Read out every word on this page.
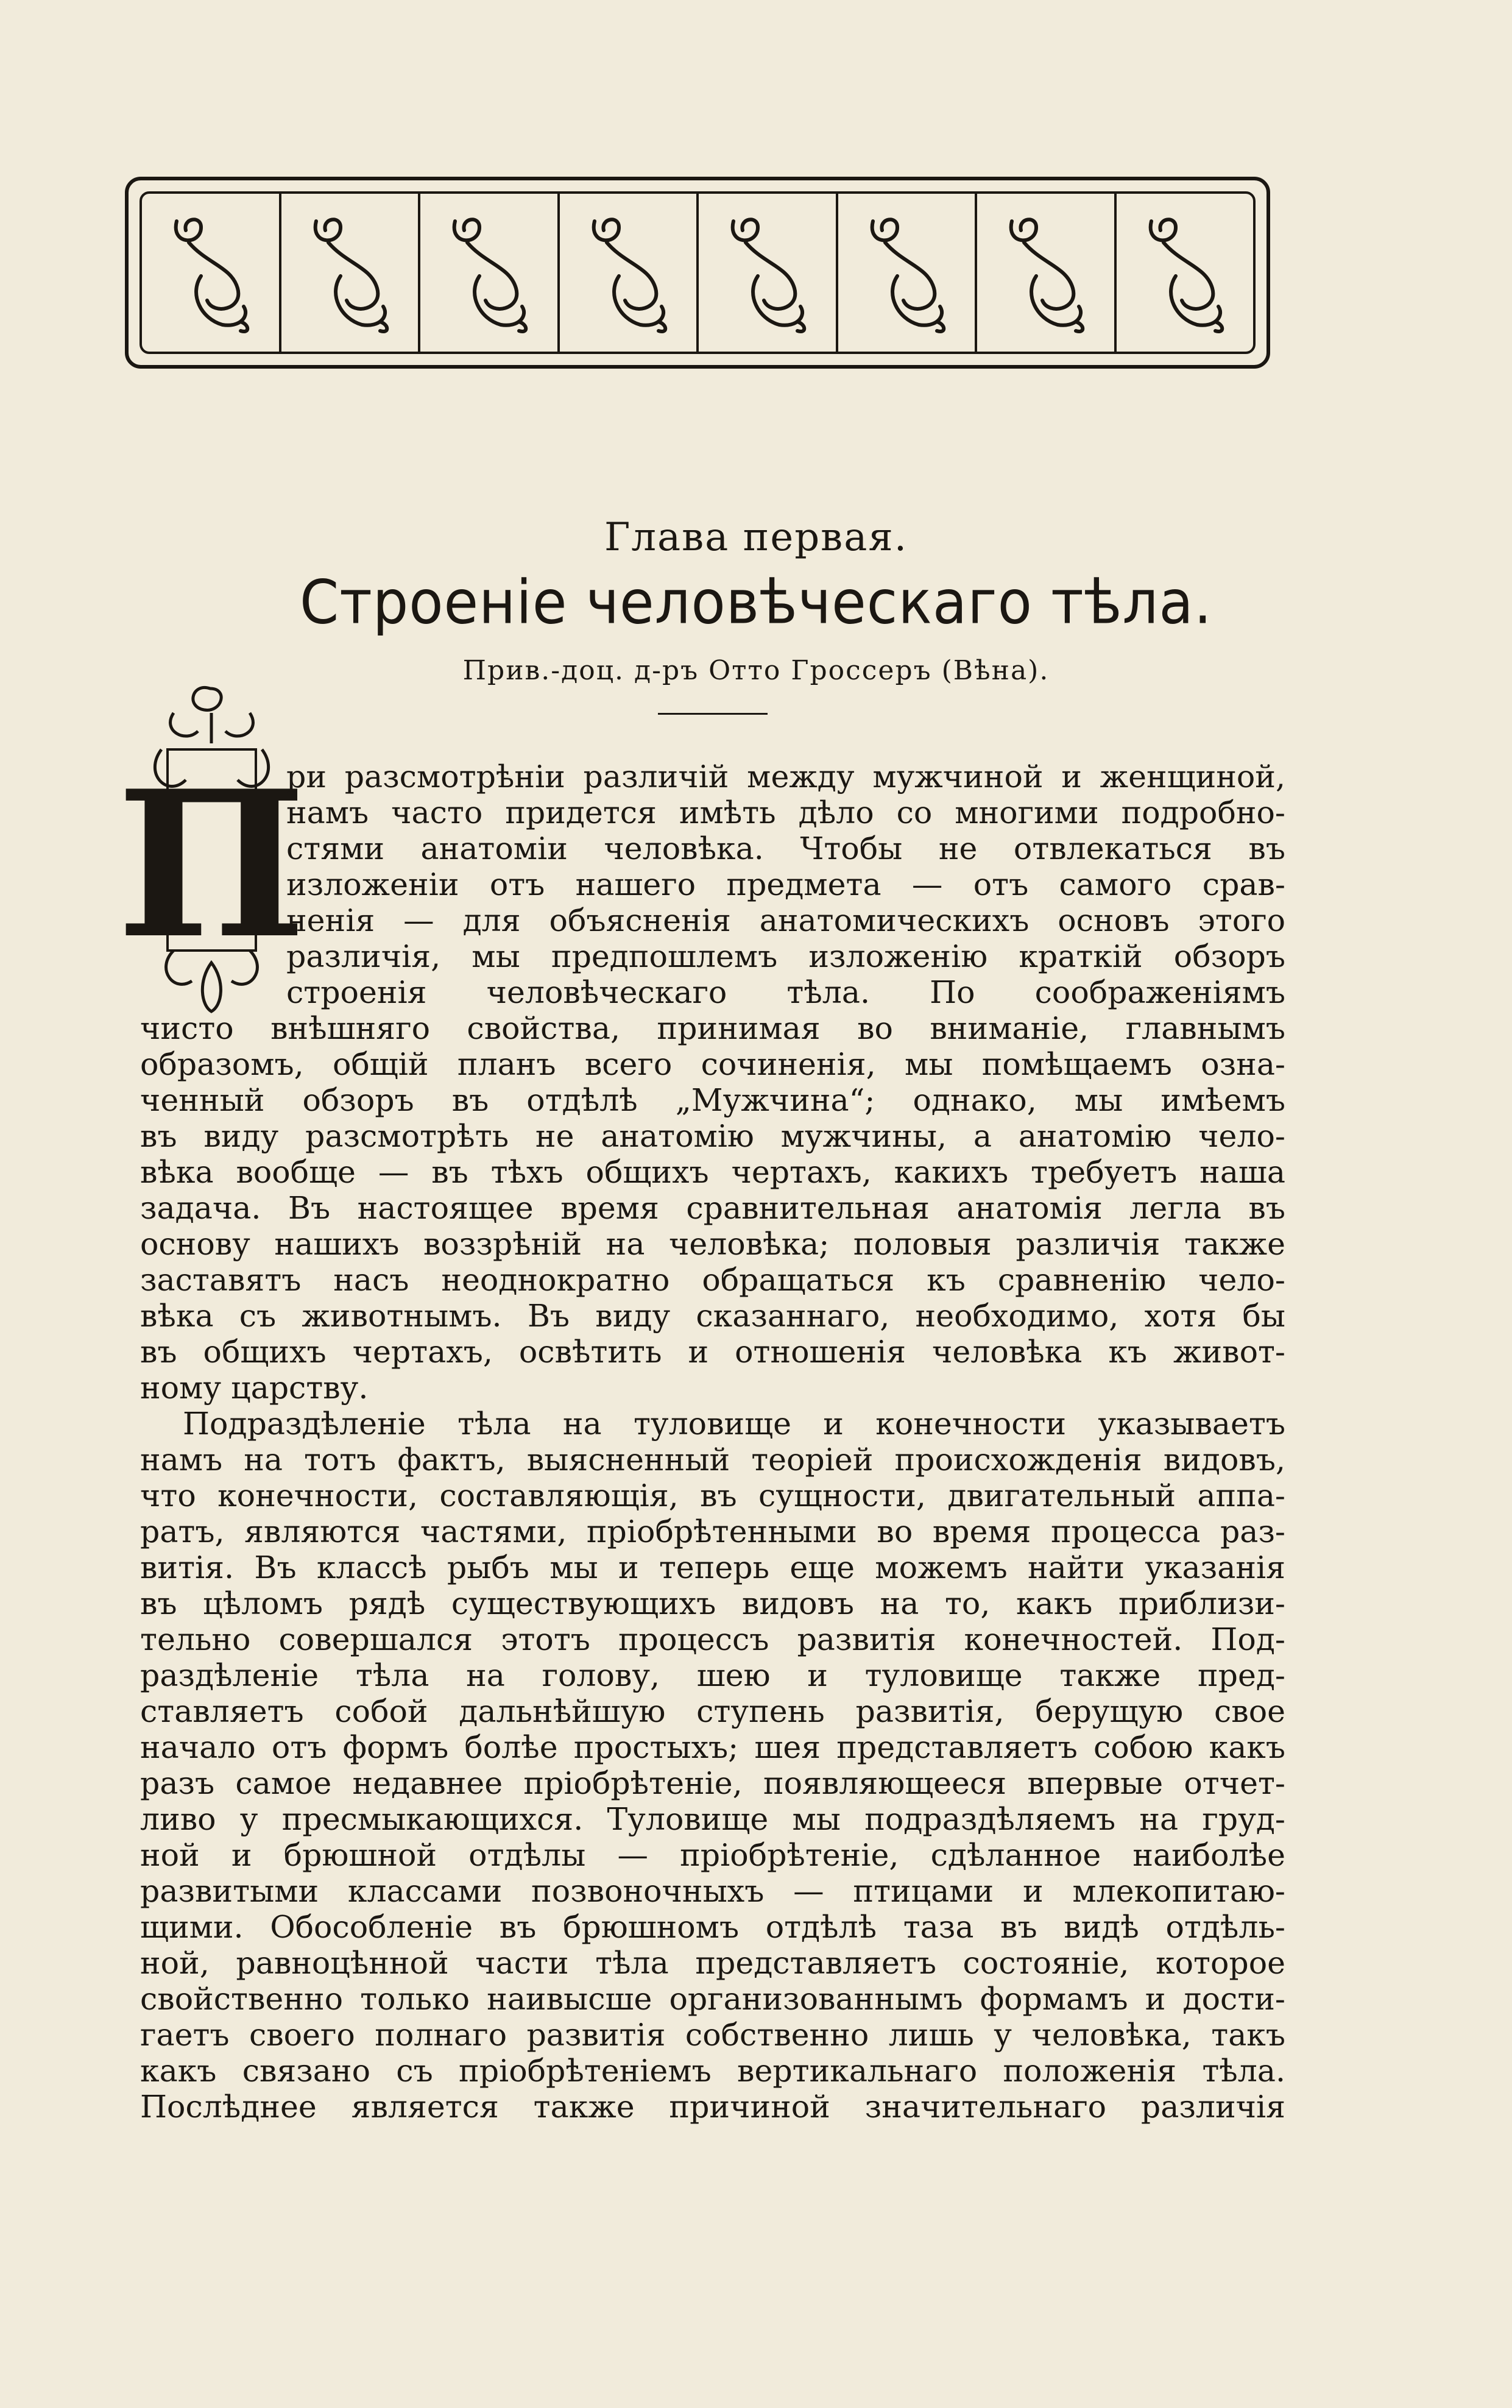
Глава первая.
Строеніе человѣческаго тѣла.
Прив.-доц. д-ръ Отто Гроссеръ (Вѣна).
П
ри разсмотрѣніи различій между мужчиной и женщиной,
намъ часто придется имѣть дѣло со многими подробно-
стями анатоміи человѣка. Чтобы не отвлекаться въ
изложеніи отъ нашего предмета — отъ самого срав-
ненія — для объясненія анатомическихъ основъ этого
различія, мы предпошлемъ изложенію краткій обзоръ
строенія человѣческаго тѣла. По соображеніямъ
чисто внѣшняго свойства, принимая во вниманіе, главнымъ
образомъ, общій планъ всего сочиненія, мы помѣщаемъ озна-
ченный обзоръ въ отдѣлѣ „Мужчина“; однако, мы имѣемъ
въ виду разсмотрѣть не анатомію мужчины, а анатомію чело-
вѣка вообще — въ тѣхъ общихъ чертахъ, какихъ требуетъ наша
задача. Въ настоящее время сравнительная анатомія легла въ
основу нашихъ воззрѣній на человѣка; половыя различія также
заставятъ насъ неоднократно обращаться къ сравненію чело-
вѣка съ животнымъ. Въ виду сказаннаго, необходимо, хотя бы
въ общихъ чертахъ, освѣтить и отношенія человѣка къ живот-
ному царству.
Подраздѣленіе тѣла на туловище и конечности указываетъ
намъ на тотъ фактъ, выясненный теоріей происхожденія видовъ,
что конечности, составляющія, въ сущности, двигательный аппа-
ратъ, являются частями, пріобрѣтенными во время процесса раз-
витія. Въ классѣ рыбъ мы и теперь еще можемъ найти указанія
въ цѣломъ рядѣ существующихъ видовъ на то, какъ приблизи-
тельно совершался этотъ процессъ развитія конечностей. Под-
раздѣленіе тѣла на голову, шею и туловище также пред-
ставляетъ собой дальнѣйшую ступень развитія, берущую свое
начало отъ формъ болѣе простыхъ; шея представляетъ собою какъ
разъ самое недавнее пріобрѣтеніе, появляющееся впервые отчет-
ливо у пресмыкающихся. Туловище мы подраздѣляемъ на груд-
ной и брюшной отдѣлы — пріобрѣтеніе, сдѣланное наиболѣе
развитыми классами позвоночныхъ — птицами и млекопитаю-
щими. Обособленіе въ брюшномъ отдѣлѣ таза въ видѣ отдѣль-
ной, равноцѣнной части тѣла представляетъ состояніе, которое
свойственно только наивысше организованнымъ формамъ и дости-
гаетъ своего полнаго развитія собственно лишь у человѣка, такъ
какъ связано съ пріобрѣтеніемъ вертикальнаго положенія тѣла.
Послѣднее является также причиной значительнаго различія
